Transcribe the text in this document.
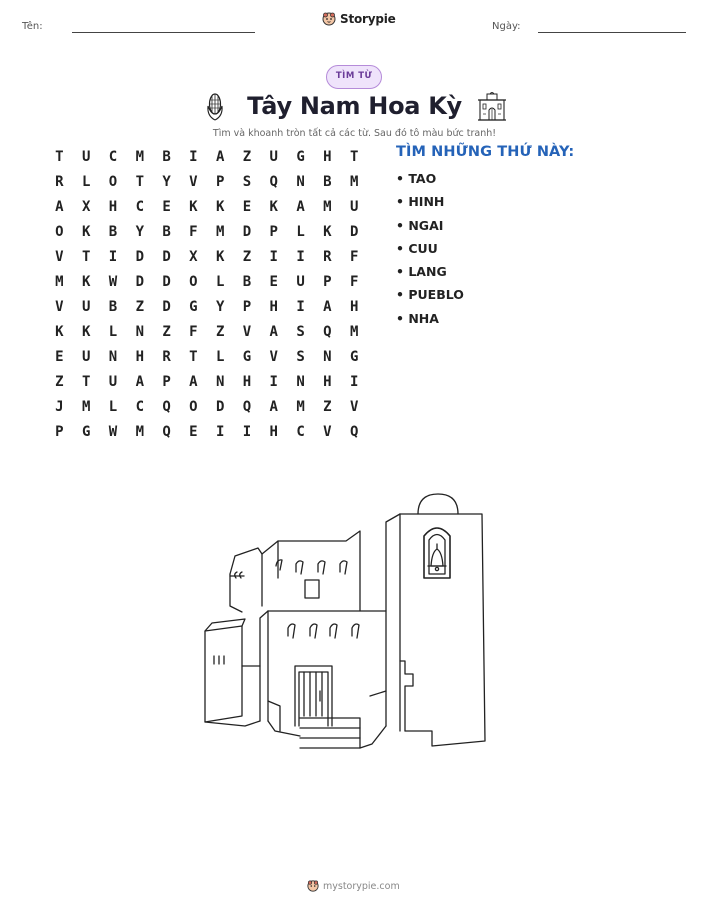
Tên:
Storypie
Ngày:
TÌM TỪ
Tây Nam Hoa Kỳ
Tìm và khoanh tròn tất cả các từ. Sau đó tô màu bức tranh!
T	U	C	M	B	I	A	Z	U	G	H	T
R	L	O	T	Y	V	P	S	Q	N	B	M
A	X	H	C	E	K	K	E	K	A	M	U
O	K	B	Y	B	F	M	D	P	L	K	D
V	T	I	D	D	X	K	Z	I	I	R	F
M	K	W	D	D	O	L	B	E	U	P	F
V	U	B	Z	D	G	Y	P	H	I	A	H
K	K	L	N	Z	F	Z	V	A	S	Q	M
E	U	N	H	R	T	L	G	V	S	N	G
Z	T	U	A	P	A	N	H	I	N	H	I
J	M	L	C	Q	O	D	Q	A	M	Z	V
P	G	W	M	Q	E	I	I	H	C	V	Q
TÌM NHỮNG THỨ NÀY:
• TAO
• HINH
• NGAI
• CUU
• LANG
• PUEBLO
• NHA
mystorypie.com
